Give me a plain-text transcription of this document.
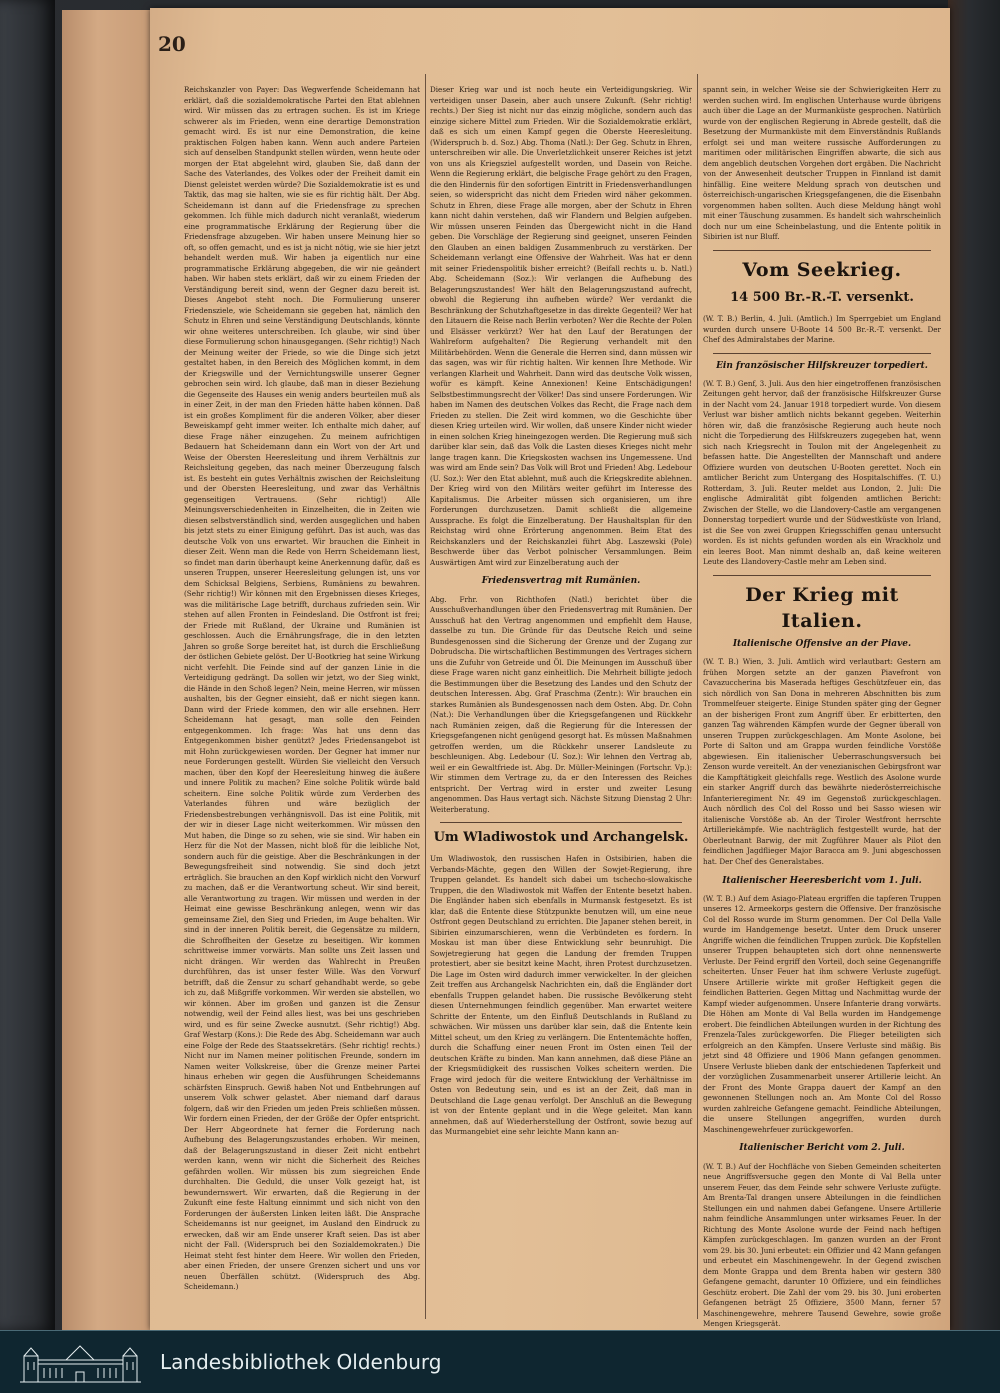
20

Reichskanzler von Payer: Das Wegwerfende Scheidemann hat erklärt, daß die sozialdemokratische Partei den Etat ablehnen wird. Wir müssen das zu ertragen suchen. Es ist im Kriege schwerer als im Frieden, wenn eine derartige Demonstration gemacht wird. Es ist nur eine Demonstration, die keine praktischen Folgen haben kann. Wenn auch andere Parteien sich auf denselben Standpunkt stellen würden, wenn heute oder morgen der Etat abgelehnt wird, glauben Sie, daß dann der Sache des Vaterlandes, des Volkes oder der Freiheit damit ein Dienst geleistet werden würde? Die Sozialdemokratie ist es und Taktik, das mag sie halten, wie sie es für richtig hält. Der Abg. Scheidemann ist dann auf die Friedensfrage zu sprechen gekommen. Ich fühle mich dadurch nicht veranlaßt, wiederum eine programmatische Erklärung der Regierung über die Friedensfrage abzugeben. Wir haben unsere Meinung hier so oft, so offen gemacht, und es ist ja nicht nötig, wie sie hier jetzt behandelt werden muß. Wir haben ja eigentlich nur eine programmatische Erklärung abgegeben, die wir nie geändert haben. Wir haben stets erklärt, daß wir zu einem Frieden der Verständigung bereit sind, wenn der Gegner dazu bereit ist. Dieses Angebot steht noch. Die Formulierung unserer Friedensziele, wie Scheidemann sie gegeben hat, nämlich den Schutz in Ehren und seine Verständigung Deutschlands, könnte wir ohne weiteres unterschreiben. Ich glaube, wir sind über diese Formulierung schon hinausgegangen. (Sehr richtig!) Nach der Meinung weiter der Friede, so wie die Dinge sich jetzt gestaltet haben, in den Bereich des Möglichen kommt, in dem der Kriegswille und der Vernichtungswille unserer Gegner gebrochen sein wird. Ich glaube, daß man in dieser Beziehung die Gegenseite des Hauses ein wenig anders beurteilen muß als in einer Zeit, in der man den Frieden hätte haben können. Daß ist ein großes Kompliment für die anderen Völker, aber dieser Beweiskampf geht immer weiter. Ich enthalte mich daher, auf diese Frage näher einzugehen. Zu meinem aufrichtigen Bedauern hat Scheidemann dann ein Wort von der Art und Weise der Obersten Heeresleitung und ihrem Verhältnis zur Reichsleitung gegeben, das nach meiner Überzeugung falsch ist. Es besteht ein gutes Verhältnis zwischen der Reichsleitung und der Obersten Heeresleitung, und zwar das Verhältnis gegenseitigen Vertrauens. (Sehr richtig!) Alle Meinungsverschiedenheiten in Einzelheiten, die in Zeiten wie diesen selbstverständlich sind, werden ausgeglichen und haben bis jetzt stets zu einer Einigung geführt. Das ist auch, was das deutsche Volk von uns erwartet. Wir brauchen die Einheit in dieser Zeit. Wenn man die Rede von Herrn Scheidemann liest, so findet man darin überhaupt keine Anerkennung dafür, daß es unseren Truppen, unserer Heeresleitung gelungen ist, uns vor dem Schicksal Belgiens, Serbiens, Rumäniens zu bewahren. (Sehr richtig!) Wir können mit den Ergebnissen dieses Krieges, was die militärische Lage betrifft, durchaus zufrieden sein. Wir stehen auf allen Fronten in Feindesland. Die Ostfront ist frei; der Friede mit Rußland, der Ukraine und Rumänien ist geschlossen. Auch die Ernährungsfrage, die in den letzten Jahren so große Sorge bereitet hat, ist durch die Erschließung der östlichen Gebiete gelöst. Der U-Bootkrieg hat seine Wirkung nicht verfehlt. Die Feinde sind auf der ganzen Linie in die Verteidigung gedrängt. Da sollen wir jetzt, wo der Sieg winkt, die Hände in den Schoß legen? Nein, meine Herren, wir müssen aushalten, bis der Gegner einsieht, daß er nicht siegen kann. Dann wird der Friede kommen, den wir alle ersehnen. Herr Scheidemann hat gesagt, man solle den Feinden entgegenkommen. Ich frage: Was hat uns denn das Entgegenkommen bisher genützt? Jedes Friedensangebot ist mit Hohn zurückgewiesen worden. Der Gegner hat immer nur neue Forderungen gestellt. Würden Sie vielleicht den Versuch machen, über den Kopf der Heeresleitung hinweg die äußere und innere Politik zu machen? Eine solche Politik würde bald scheitern. Eine solche Politik würde zum Verderben des Vaterlandes führen und wäre bezüglich der Friedensbestrebungen verhängnisvoll. Das ist eine Politik, mit der wir in dieser Lage nicht weiterkommen. Wir müssen den Mut haben, die Dinge so zu sehen, wie sie sind. Wir haben ein Herz für die Not der Massen, nicht bloß für die leibliche Not, sondern auch für die geistige. Aber die Beschränkungen in der Bewegungsfreiheit sind notwendig. Sie sind doch jetzt erträglich. Sie brauchen an den Kopf wirklich nicht den Vorwurf zu machen, daß er die Verantwortung scheut. Wir sind bereit, alle Verantwortung zu tragen. Wir müssen und werden in der Heimat eine gewisse Beschränkung anlegen, wenn wir das gemeinsame Ziel, den Sieg und Frieden, im Auge behalten. Wir sind in der inneren Politik bereit, die Gegensätze zu mildern, die Schroffheiten der Gesetze zu beseitigen. Wir kommen schrittweise immer vorwärts. Man sollte uns Zeit lassen und nicht drängen. Wir werden das Wahlrecht in Preußen durchführen, das ist unser fester Wille. Was den Vorwurf betrifft, daß die Zensur zu scharf gehandhabt werde, so gebe ich zu, daß Mißgriffe vorkommen. Wir werden sie abstellen, wo wir können. Aber im großen und ganzen ist die Zensur notwendig, weil der Feind alles liest, was bei uns geschrieben wird, und es für seine Zwecke ausnutzt. (Sehr richtig!) Abg. Graf Westarp (Kons.): Die Rede des Abg. Scheidemann war auch eine Folge der Rede des Staatssekretärs. (Sehr richtig! rechts.) Nicht nur im Namen meiner politischen Freunde, sondern im Namen weiter Volkskreise, über die Grenze meiner Partei hinaus erheben wir gegen die Ausführungen Scheidemanns schärfsten Einspruch. Gewiß haben Not und Entbehrungen auf unserem Volk schwer gelastet. Aber niemand darf daraus folgern, daß wir den Frieden um jeden Preis schließen müssen. Wir fordern einen Frieden, der der Größe der Opfer entspricht. Der Herr Abgeordnete hat ferner die Forderung nach Aufhebung des Belagerungszustandes erhoben. Wir meinen, daß der Belagerungszustand in dieser Zeit nicht entbehrt werden kann, wenn wir nicht die Sicherheit des Reiches gefährden wollen. Wir müssen bis zum siegreichen Ende durchhalten. Die Geduld, die unser Volk gezeigt hat, ist bewundernswert. Wir erwarten, daß die Regierung in der Zukunft eine feste Haltung einnimmt und sich nicht von den Forderungen der äußersten Linken leiten läßt. Die Ansprache Scheidemanns ist nur geeignet, im Ausland den Eindruck zu erwecken, daß wir am Ende unserer Kraft seien. Das ist aber nicht der Fall. (Widerspruch bei den Sozialdemokraten.) Die Heimat steht fest hinter dem Heere. Wir wollen den Frieden, aber einen Frieden, der unsere Grenzen sichert und uns vor neuen Überfällen schützt. (Widerspruch des Abg. Scheidemann.)

Dieser Krieg war und ist noch heute ein Verteidigungskrieg. Wir verteidigen unser Dasein, aber auch unsere Zukunft. (Sehr richtig! rechts.) Der Sieg ist nicht nur das einzig mögliche, sondern auch das einzige sichere Mittel zum Frieden. Wir die Sozialdemokratie erklärt, daß es sich um einen Kampf gegen die Oberste Heeresleitung. (Widerspruch b. d. Soz.) Abg. Thoma (Natl.): Der Geg. Schutz in Ehren, unterschreiben wir alle. Die Unverletzlichkeit unserer Reiches ist jetzt von uns als Kriegsziel aufgestellt worden, und Dasein von Reiche. Wenn die Regierung erklärt, die belgische Frage gehört zu den Fragen, die den Hindernis für den sofortigen Eintritt in Friedensverhandlungen seien, so widerspricht das nicht dem Frieden wird näher gekommen. Schutz in Ehren, diese Frage alle morgen, aber der Schutz in Ehren kann nicht dahin verstehen, daß wir Flandern und Belgien aufgeben. Wir müssen unseren Feinden das Übergewicht nicht in die Hand geben. Die Vorschläge der Regierung sind geeignet, unseren Feinden den Glauben an einen baldigen Zusammenbruch zu verstärken. Der Scheidemann verlangt eine Offensive der Wahrheit. Was hat er denn mit seiner Friedenspolitik bisher erreicht? (Beifall rechts u. b. Natl.) Abg. Scheidemann (Soz.): Wir verlangen die Aufhebung des Belagerungszustandes! Wer hält den Belagerungszustand aufrecht, obwohl die Regierung ihn aufheben würde? Wer verdankt die Beschränkung der Schutzhaftgesetze in das direkte Gegenteil? Wer hat den Litauern die Reise nach Berlin verboten? Wer die Rechte der Polen und Elsässer verkürzt? Wer hat den Lauf der Beratungen der Wahlreform aufgehalten? Die Regierung verhandelt mit den Militärbehörden. Wenn die Generale die Herren sind, dann müssen wir das sagen, was wir für richtig halten. Wir kennen Ihre Methode. Wir verlangen Klarheit und Wahrheit. Dann wird das deutsche Volk wissen, wofür es kämpft. Keine Annexionen! Keine Entschädigungen! Selbstbestimmungsrecht der Völker! Das sind unsere Forderungen. Wir haben im Namen des deutschen Volkes das Recht, die Frage nach dem Frieden zu stellen. Die Zeit wird kommen, wo die Geschichte über diesen Krieg urteilen wird. Wir wollen, daß unsere Kinder nicht wieder in einen solchen Krieg hineingezogen werden. Die Regierung muß sich darüber klar sein, daß das Volk die Lasten dieses Krieges nicht mehr lange tragen kann. Die Kriegskosten wachsen ins Ungemessene. Und was wird am Ende sein? Das Volk will Brot und Frieden! Abg. Ledebour (U. Soz.): Wer den Etat ablehnt, muß auch die Kriegskredite ablehnen. Der Krieg wird von den Militärs weiter geführt im Interesse des Kapitalismus. Die Arbeiter müssen sich organisieren, um ihre Forderungen durchzusetzen. Damit schließt die allgemeine Aussprache. Es folgt die Einzelberatung. Der Haushaltsplan für den Reichstag wird ohne Erörterung angenommen. Beim Etat des Reichskanzlers und der Reichskanzlei führt Abg. Laszewski (Pole) Beschwerde über das Verbot polnischer Versammlungen. Beim Auswärtigen Amt wird zur Einzelberatung auch der

Friedensvertrag mit Rumänien.

Abg. Frhr. von Richthofen (Natl.) berichtet über die Ausschußverhandlungen über den Friedensvertrag mit Rumänien. Der Ausschuß hat den Vertrag angenommen und empfiehlt dem Hause, dasselbe zu tun. Die Gründe für das Deutsche Reich und seine Bundesgenossen sind die Sicherung der Grenze und der Zugang zur Dobrudscha. Die wirtschaftlichen Bestimmungen des Vertrages sichern uns die Zufuhr von Getreide und Öl. Die Meinungen im Ausschuß über diese Frage waren nicht ganz einheitlich. Die Mehrheit billigte jedoch die Bestimmungen über die Besetzung des Landes und den Schutz der deutschen Interessen. Abg. Graf Praschma (Zentr.): Wir brauchen ein starkes Rumänien als Bundesgenossen nach dem Osten. Abg. Dr. Cohn (Nat.): Die Verhandlungen über die Kriegsgefangenen und Rückkehr nach Rumänien zeigen, daß die Regierung für die Interessen der Kriegsgefangenen nicht genügend gesorgt hat. Es müssen Maßnahmen getroffen werden, um die Rückkehr unserer Landsleute zu beschleunigen. Abg. Ledebour (U. Soz.): Wir lehnen den Vertrag ab, weil er ein Gewaltfriede ist. Abg. Dr. Müller-Meiningen (Fortschr. Vp.): Wir stimmen dem Vertrage zu, da er den Interessen des Reiches entspricht. Der Vertrag wird in erster und zweiter Lesung angenommen. Das Haus vertagt sich. Nächste Sitzung Dienstag 2 Uhr: Weiterberatung.

Um Wladiwostok und Archangelsk.

Um Wladiwostok, den russischen Hafen in Ostsibirien, haben die Verbands-Mächte, gegen den Willen der Sowjet-Regierung, ihre Truppen gelandet. Es handelt sich dabei um tschecho-slowakische Truppen, die den Wladiwostok mit Waffen der Entente besetzt haben. Die Engländer haben sich ebenfalls in Murmansk festgesetzt. Es ist klar, daß die Entente diese Stützpunkte benutzen will, um eine neue Ostfront gegen Deutschland zu errichten. Die Japaner stehen bereit, in Sibirien einzumarschieren, wenn die Verbündeten es fordern. In Moskau ist man über diese Entwicklung sehr beunruhigt. Die Sowjetregierung hat gegen die Landung der fremden Truppen protestiert, aber sie besitzt keine Macht, ihren Protest durchzusetzen. Die Lage im Osten wird dadurch immer verwickelter. In der gleichen Zeit treffen aus Archangelsk Nachrichten ein, daß die Engländer dort ebenfalls Truppen gelandet haben. Die russische Bevölkerung steht diesen Unternehmungen feindlich gegenüber. Man erwartet weitere Schritte der Entente, um den Einfluß Deutschlands in Rußland zu schwächen. Wir müssen uns darüber klar sein, daß die Entente kein Mittel scheut, um den Krieg zu verlängern. Die Ententemächte hoffen, durch die Schaffung einer neuen Front im Osten einen Teil der deutschen Kräfte zu binden. Man kann annehmen, daß diese Pläne an der Kriegsmüdigkeit des russischen Volkes scheitern werden. Die Frage wird jedoch für die weitere Entwicklung der Verhältnisse im Osten von Bedeutung sein, und es ist an der Zeit, daß man in Deutschland die Lage genau verfolgt. Der Anschluß an die Bewegung ist von der Entente geplant und in die Wege geleitet. Man kann annehmen, daß auf Wiederherstellung der Ostfront, sowie bezug auf das Murmangebiet eine sehr leichte Mann kann an-

spannt sein, in welcher Weise sie der Schwierigkeiten Herr zu werden suchen wird. Im englischen Unterhause wurde übrigens auch über die Lage an der Murmanküste gesprochen. Natürlich wurde von der englischen Regierung in Abrede gestellt, daß die Besetzung der Murmanküste mit dem Einverständnis Rußlands erfolgt sei und man weitere russische Aufforderungen zu maritimen oder militärischen Eingriffen abwarte, die sich aus dem angeblich deutschen Vorgehen dort ergäben. Die Nachricht von der Anwesenheit deutscher Truppen in Finnland ist damit hinfällig. Eine weitere Meldung sprach von deutschen und österreichisch-ungarischen Kriegsgefangenen, die die Eisenbahn vorgenommen haben sollten. Auch diese Meldung hängt wohl mit einer Täuschung zusammen. Es handelt sich wahrscheinlich doch nur um eine Scheinbelastung, und die Entente politik in Sibirien ist nur Bluff.

Vom Seekrieg.
14 500 Br.-R.-T. versenkt.

(W. T. B.) Berlin, 4. Juli. (Amtlich.) Im Sperrgebiet um England wurden durch unsere U-Boote 14 500 Br.-R.-T. versenkt. Der Chef des Admiralstabes der Marine.

Ein französischer Hilfskreuzer torpediert.

(W. T. B.) Genf, 3. Juli. Aus den hier eingetroffenen französischen Zeitungen geht hervor, daß der französische Hilfskreuzer Gurse in der Nacht vom 24. Januar 1918 torpediert wurde. Von diesem Verlust war bisher amtlich nichts bekannt gegeben. Weiterhin hören wir, daß die französische Regierung auch heute noch nicht die Torpedierung des Hilfskreuzers zugegeben hat, wenn sich nach Kriegsrecht in Toulon mit der Angelegenheit zu befassen hatte. Die Angestellten der Mannschaft und andere Offiziere wurden von deutschen U-Booten gerettet. Noch ein amtlicher Bericht zum Untergang des Hospitalschiffes. (T. U.) Rotterdam, 3. Juli. Reuter meldet aus London, 2. Juli: Die englische Admiralität gibt folgenden amtlichen Bericht: Zwischen der Stelle, wo die Llandovery-Castle am vergangenen Donnerstag torpediert wurde und der Südwestküste von Irland, ist die See von zwei Gruppen Kriegsschiffen genau untersucht worden. Es ist nichts gefunden worden als ein Wrackholz und ein leeres Boot. Man nimmt deshalb an, daß keine weiteren Leute des Llandovery-Castle mehr am Leben sind.

Der Krieg mit Italien.
Italienische Offensive an der Piave.

(W. T. B.) Wien, 3. Juli. Amtlich wird verlautbart: Gestern am frühen Morgen setzte an der ganzen Piavefront von Cavazuccherina bis Maserada heftiges Geschützfeuer ein, das sich nördlich von San Dona in mehreren Abschnitten bis zum Trommelfeuer steigerte. Einige Stunden später ging der Gegner an der bisherigen Front zum Angriff über. Er erbitterten, den ganzen Tag währenden Kämpfen wurde der Gegner überall von unseren Truppen zurückgeschlagen. Am Monte Asolone, bei Porte di Salton und am Grappa wurden feindliche Vorstöße abgewiesen. Ein italienischer Ueberraschungsversuch bei Zenson wurde vereitelt. An der venezianischen Gebirgsfront war die Kampftätigkeit gleichfalls rege. Westlich des Asolone wurde ein starker Angriff durch das bewährte niederösterreichische Infanterieregiment Nr. 49 im Gegenstoß zurückgeschlagen. Auch nördlich des Col del Rosso und bei Sasso wiesen wir italienische Vorstöße ab. An der Tiroler Westfront herrschte Artilleriekämpfe. Wie nachträglich festgestellt wurde, hat der Oberleutnant Barwig, der mit Zugführer Mauer als Pilot den feindlichen Jagdflieger Major Baracca am 9. Juni abgeschossen hat. Der Chef des Generalstabes.

Italienischer Heeresbericht vom 1. Juli.

(W. T. B.) Auf dem Asiago-Plateau ergriffen die tapferen Truppen unseres 12. Armeekorps gestern die Offensive. Der französische Col del Rosso wurde im Sturm genommen. Der Col Della Valle wurde im Handgemenge besetzt. Unter dem Druck unserer Angriffe wichen die feindlichen Truppen zurück. Die Kopfstellen unserer Truppen behaupteten sich dort ohne nennenswerte Verluste. Der Feind ergriff den Vorteil, doch seine Gegenangriffe scheiterten. Unser Feuer hat ihm schwere Verluste zugefügt. Unsere Artillerie wirkte mit großer Heftigkeit gegen die feindlichen Batterien. Gegen Mittag und Nachmittag wurde der Kampf wieder aufgenommen. Unsere Infanterie drang vorwärts. Die Höhen am Monte di Val Bella wurden im Handgemenge erobert. Die feindlichen Abteilungen wurden in der Richtung des Frenzela-Tales zurückgeworfen. Die Flieger beteiligten sich erfolgreich an den Kämpfen. Unsere Verluste sind mäßig. Bis jetzt sind 48 Offiziere und 1906 Mann gefangen genommen. Unsere Verluste blieben dank der entschiedenen Tapferkeit und der vorzüglichen Zusammenarbeit unserer Artillerie leicht. An der Front des Monte Grappa dauert der Kampf an den gewonnenen Stellungen noch an. Am Monte Col del Rosso wurden zahlreiche Gefangene gemacht. Feindliche Abteilungen, die unsere Stellungen angegriffen, wurden durch Maschinengewehrfeuer zurückgeworfen.

Italienischer Bericht vom 2. Juli.

(W. T. B.) Auf der Hochfläche von Sieben Gemeinden scheiterten neue Angriffsversuche gegen den Monte di Val Bella unter unserem Feuer, das dem Feinde sehr schwere Verluste zufügte. Am Brenta-Tal drangen unsere Abteilungen in die feindlichen Stellungen ein und nahmen dabei Gefangene. Unsere Artillerie nahm feindliche Ansammlungen unter wirksames Feuer. In der Richtung des Monte Asolone wurde der Feind nach heftigen Kämpfen zurückgeschlagen. Im ganzen wurden an der Front vom 29. bis 30. Juni erbeutet: ein Offizier und 42 Mann gefangen und erbeutet ein Maschinengewehr. In der Gegend zwischen dem Monte Grappa und dem Brenta haben wir gestern 380 Gefangene gemacht, darunter 10 Offiziere, und ein feindliches Geschütz erobert. Die Zahl der vom 29. bis 30. Juni eroberten Gefangenen beträgt 25 Offiziere, 3500 Mann, ferner 57 Maschinengewehre, mehrere Tausend Gewehre, sowie große Mengen Kriegsgerät.

Landesbibliothek Oldenburg
